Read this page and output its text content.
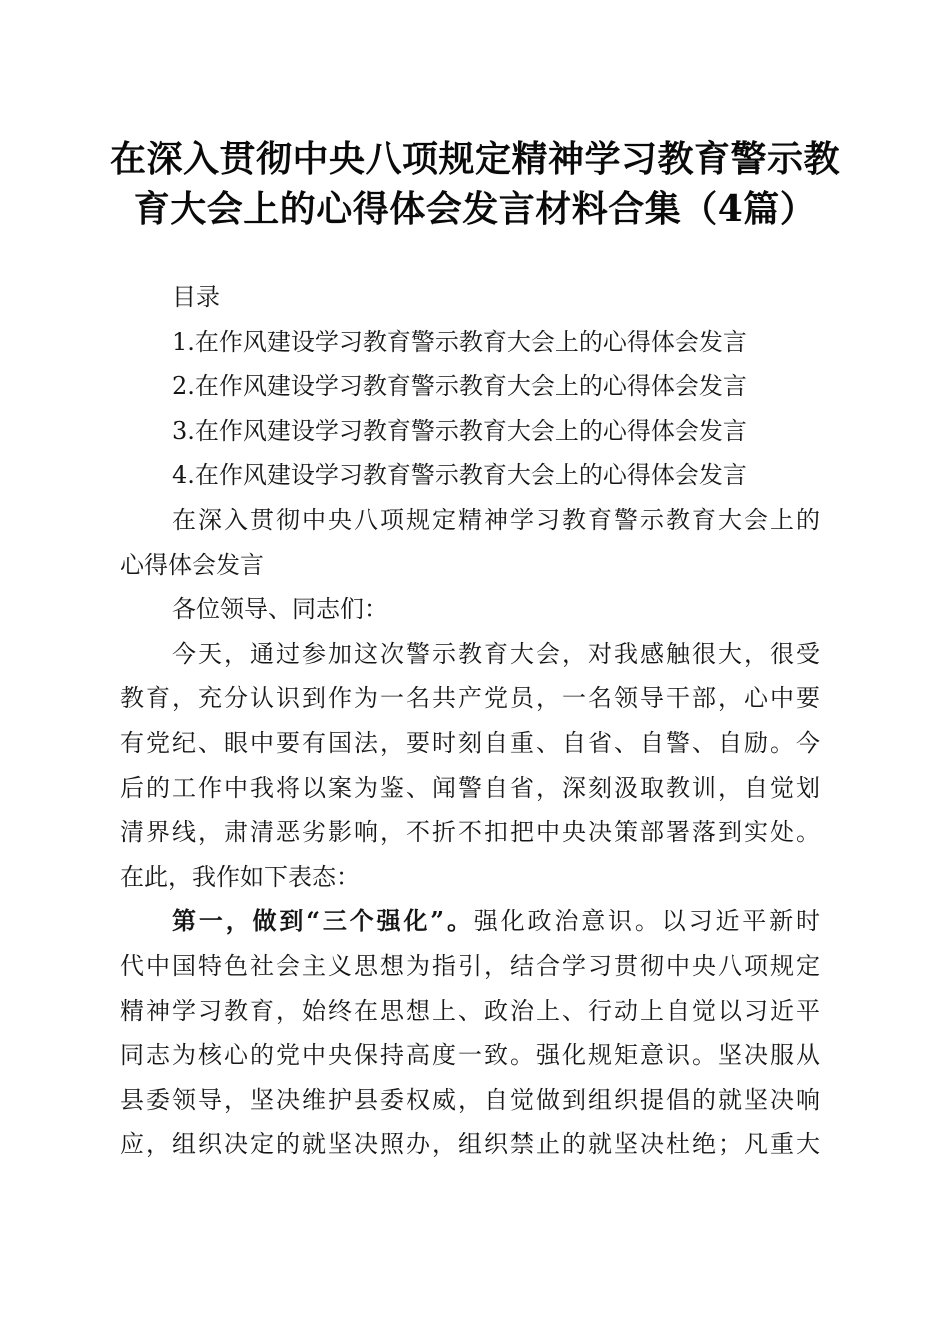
在深入贯彻中央八项规定精神学习教育警示教
育大会上的心得体会发言材料合集（4篇）
目录
1.在作风建设学习教育警示教育大会上的心得体会发言
2.在作风建设学习教育警示教育大会上的心得体会发言
3.在作风建设学习教育警示教育大会上的心得体会发言
4.在作风建设学习教育警示教育大会上的心得体会发言
在深入贯彻中央八项规定精神学习教育警示教育大会上的
心得体会发言
各位领导、同志们：
今天，通过参加这次警示教育大会，对我感触很大，很受
教育，充分认识到作为一名共产党员，一名领导干部，心中要
有党纪、眼中要有国法，要时刻自重、自省、自警、自励。今
后的工作中我将以案为鉴、闻警自省，深刻汲取教训，自觉划
清界线，肃清恶劣影响，不折不扣把中央决策部署落到实处。
在此，我作如下表态：
第一，做到“三个强化”。强化政治意识。以习近平新时
代中国特色社会主义思想为指引，结合学习贯彻中央八项规定
精神学习教育，始终在思想上、政治上、行动上自觉以习近平
同志为核心的党中央保持高度一致。强化规矩意识。坚决服从
县委领导，坚决维护县委权威，自觉做到组织提倡的就坚决响
应，组织决定的就坚决照办，组织禁止的就坚决杜绝；凡重大
